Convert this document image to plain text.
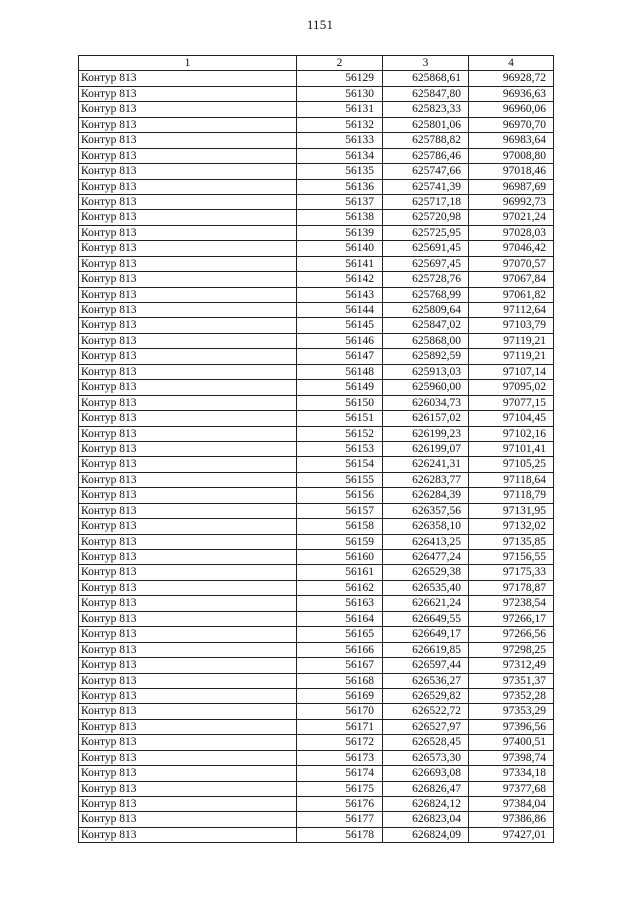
1151
1	2	3	4
Контур 813	56129	625868,61	96928,72
Контур 813	56130	625847,80	96936,63
Контур 813	56131	625823,33	96960,06
Контур 813	56132	625801,06	96970,70
Контур 813	56133	625788,82	96983,64
Контур 813	56134	625786,46	97008,80
Контур 813	56135	625747,66	97018,46
Контур 813	56136	625741,39	96987,69
Контур 813	56137	625717,18	96992,73
Контур 813	56138	625720,98	97021,24
Контур 813	56139	625725,95	97028,03
Контур 813	56140	625691,45	97046,42
Контур 813	56141	625697,45	97070,57
Контур 813	56142	625728,76	97067,84
Контур 813	56143	625768,99	97061,82
Контур 813	56144	625809,64	97112,64
Контур 813	56145	625847,02	97103,79
Контур 813	56146	625868,00	97119,21
Контур 813	56147	625892,59	97119,21
Контур 813	56148	625913,03	97107,14
Контур 813	56149	625960,00	97095,02
Контур 813	56150	626034,73	97077,15
Контур 813	56151	626157,02	97104,45
Контур 813	56152	626199,23	97102,16
Контур 813	56153	626199,07	97101,41
Контур 813	56154	626241,31	97105,25
Контур 813	56155	626283,77	97118,64
Контур 813	56156	626284,39	97118,79
Контур 813	56157	626357,56	97131,95
Контур 813	56158	626358,10	97132,02
Контур 813	56159	626413,25	97135,85
Контур 813	56160	626477,24	97156,55
Контур 813	56161	626529,38	97175,33
Контур 813	56162	626535,40	97178,87
Контур 813	56163	626621,24	97238,54
Контур 813	56164	626649,55	97266,17
Контур 813	56165	626649,17	97266,56
Контур 813	56166	626619,85	97298,25
Контур 813	56167	626597,44	97312,49
Контур 813	56168	626536,27	97351,37
Контур 813	56169	626529,82	97352,28
Контур 813	56170	626522,72	97353,29
Контур 813	56171	626527,97	97396,56
Контур 813	56172	626528,45	97400,51
Контур 813	56173	626573,30	97398,74
Контур 813	56174	626693,08	97334,18
Контур 813	56175	626826,47	97377,68
Контур 813	56176	626824,12	97384,04
Контур 813	56177	626823,04	97386,86
Контур 813	56178	626824,09	97427,01
